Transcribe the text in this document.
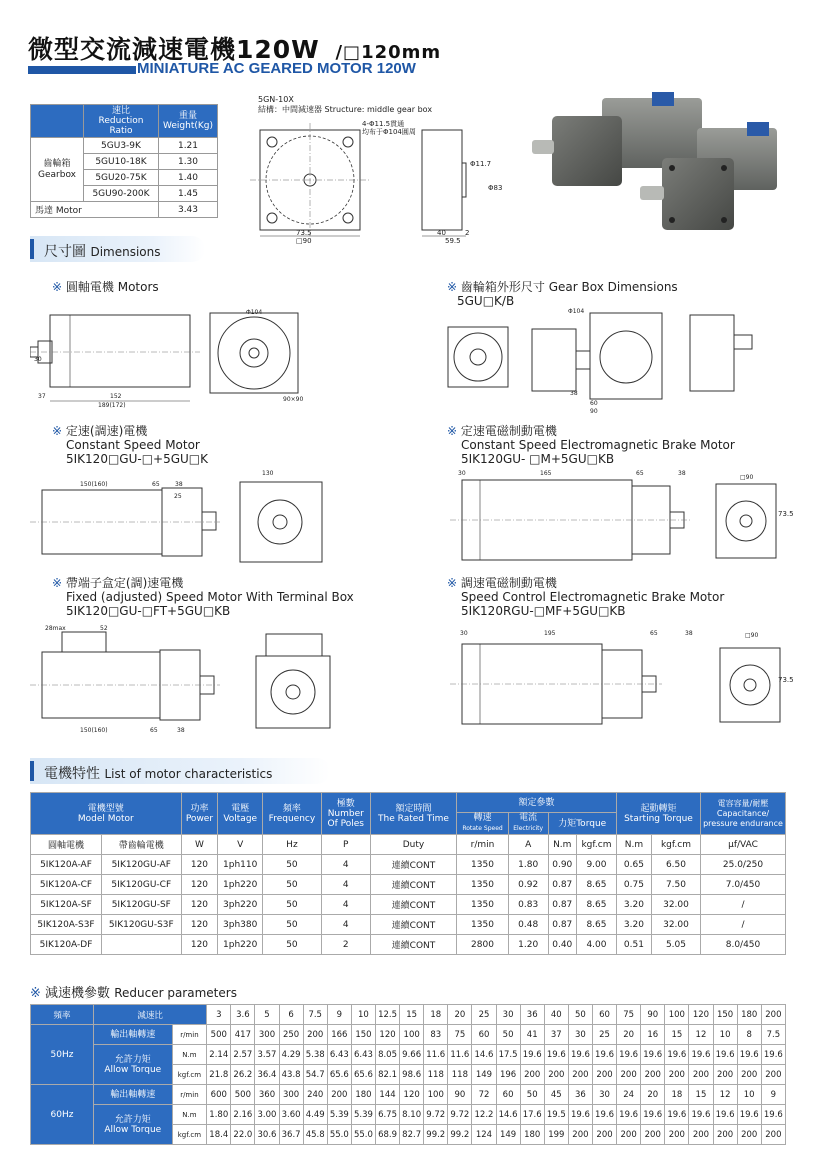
微型交流減速電機120W /□120mm
MINIATURE AC GEARED MOTOR 120W
	速比
Reduction Ratio	重量
Weight(Kg)
齒輪箱
Gearbox	5GU3-9K	1.21
	5GU10-18K	1.30
	5GU20-75K	1.40
	5GU90-200K	1.45
馬達 Motor		3.43
5GN-10X
結構：中間減速器 Structure: middle gear box
4-Φ11.5貫通
均布于Φ104圓周
Φ11.7
Φ83
73.5
□90
40	2
59.5
尺寸圖 Dimensions
※ 圓軸電機 Motors	※ 齒輪箱外形尺寸 Gear Box Dimensions
5GU□K/B
152
37
189(172)
30
Φ104
90×90
Φ104
90
60
38
※ 定速(調速)電機
Constant Speed Motor
5IK120□GU-□+5GU□K
※ 定速電磁制動電機
Constant Speed Electromagnetic Brake Motor
5IK120GU- □M+5GU□KB
150(160)	65	38
130
25
30	165	65	38
□90
73.5
※ 帶端子盒定(調)速電機
Fixed (adjusted) Speed Motor With Terminal Box
5IK120□GU-□FT+5GU□KB
※ 調速電磁制動電機
Speed Control Electromagnetic Brake Motor
5IK120RGU-□MF+5GU□KB
28max	52
150(160)	65	38
30	195	65	38	□90
73.5
電機特性 List of motor characteristics
電機型號
Model Motor		功率
Power	電壓
Voltage	頻率
Frequency	極數
Number Of Poles	額定時間
The Rated Time	額定參數				起動轉矩
Starting Torque		電容容量/耐壓
Capacitance/ pressure endurance
							轉速
Rotate Speed	電流
Electricity	力矩Torque				
圓軸電機	帶齒輪電機	W	V	Hz	P	Duty	r/min	A	N.m	kgf.cm	N.m	kgf.cm	μf/VAC
5IK120A-AF	5IK120GU-AF	120	1ph110	50	4	連續CONT	1350	1.80	0.90	9.00	0.65	6.50	25.0/250
5IK120A-CF	5IK120GU-CF	120	1ph220	50	4	連續CONT	1350	0.92	0.87	8.65	0.75	7.50	7.0/450
5IK120A-SF	5IK120GU-SF	120	3ph220	50	4	連續CONT	1350	0.83	0.87	8.65	3.20	32.00	/
5IK120A-S3F	5IK120GU-S3F	120	3ph380	50	4	連續CONT	1350	0.48	0.87	8.65	3.20	32.00	/
5IK120A-DF		120	1ph220	50	2	連續CONT	2800	1.20	0.40	4.00	0.51	5.05	8.0/450
※ 減速機參數 Reducer parameters
頻率	減速比		3	3.6	5	6	7.5	9	10	12.5	15	18	20	25	30	36	40	50	60	75	90	100	120	150	180	200
50Hz	輸出軸轉速	r/min	500	417	300	250	200	166	150	120	100	83	75	60	50	41	37	30	25	20	16	15	12	10	8	7.5
	允許力矩
Allow Torque	N.m	2.14	2.57	3.57	4.29	5.38	6.43	6.43	8.05	9.66	11.6	11.6	14.6	17.5	19.6	19.6	19.6	19.6	19.6	19.6	19.6	19.6	19.6	19.6	19.6
		kgf.cm	21.8	26.2	36.4	43.8	54.7	65.6	65.6	82.1	98.6	118	118	149	196	200	200	200	200	200	200	200	200	200	200	200
60Hz	輸出軸轉速	r/min	600	500	360	300	240	200	180	144	120	100	90	72	60	50	45	36	30	24	20	18	15	12	10	9
	允許力矩
Allow Torque	N.m	1.80	2.16	3.00	3.60	4.49	5.39	5.39	6.75	8.10	9.72	9.72	12.2	14.6	17.6	19.5	19.6	19.6	19.6	19.6	19.6	19.6	19.6	19.6	19.6
		kgf.cm	18.4	22.0	30.6	36.7	45.8	55.0	55.0	68.9	82.7	99.2	99.2	124	149	180	199	200	200	200	200	200	200	200	200	200
